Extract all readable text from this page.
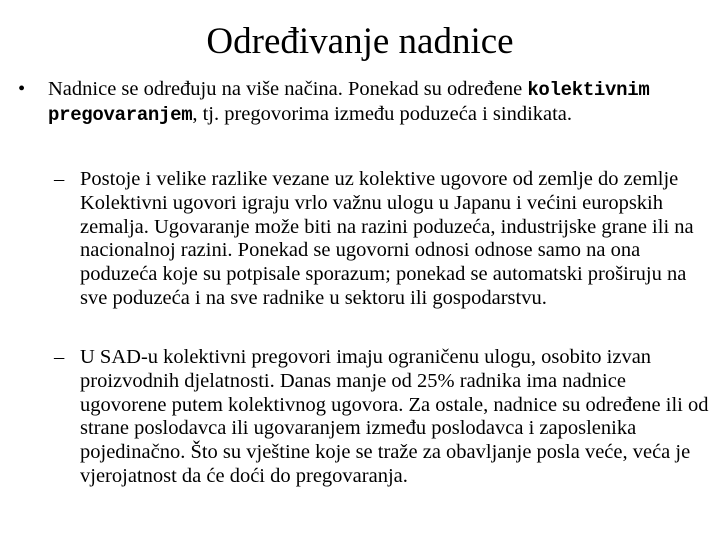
Određivanje nadnice
•	Nadnice se određuju na više načina. Ponekad su određene kolektivnim pregovaranjem, tj. pregovorima između poduzeća i sindikata.
– Postoje i velike razlike vezane uz kolektive ugovore od zemlje do zemlje Kolektivni ugovori igraju vrlo važnu ulogu u Japanu i većini europskih zemalja. Ugovaranje može biti na razini poduzeća, industrijske grane ili na nacionalnoj razini. Ponekad se ugovorni odnosi odnose samo na ona poduzeća koje su potpisale sporazum; ponekad se automatski proširuju na sve poduzeća i na sve radnike u sektoru ili gospodarstvu.
– U SAD-u kolektivni pregovori imaju ograničenu ulogu, osobito izvan proizvodnih djelatnosti. Danas manje od 25% radnika ima nadnice ugovorene putem kolektivnog ugovora. Za ostale, nadnice su određene ili od strane poslodavca ili ugovaranjem između poslodavca i zaposlenika pojedinačno. Što su vještine koje se traže za obavljanje posla veće, veća je vjerojatnost da će doći do pregovaranja.
